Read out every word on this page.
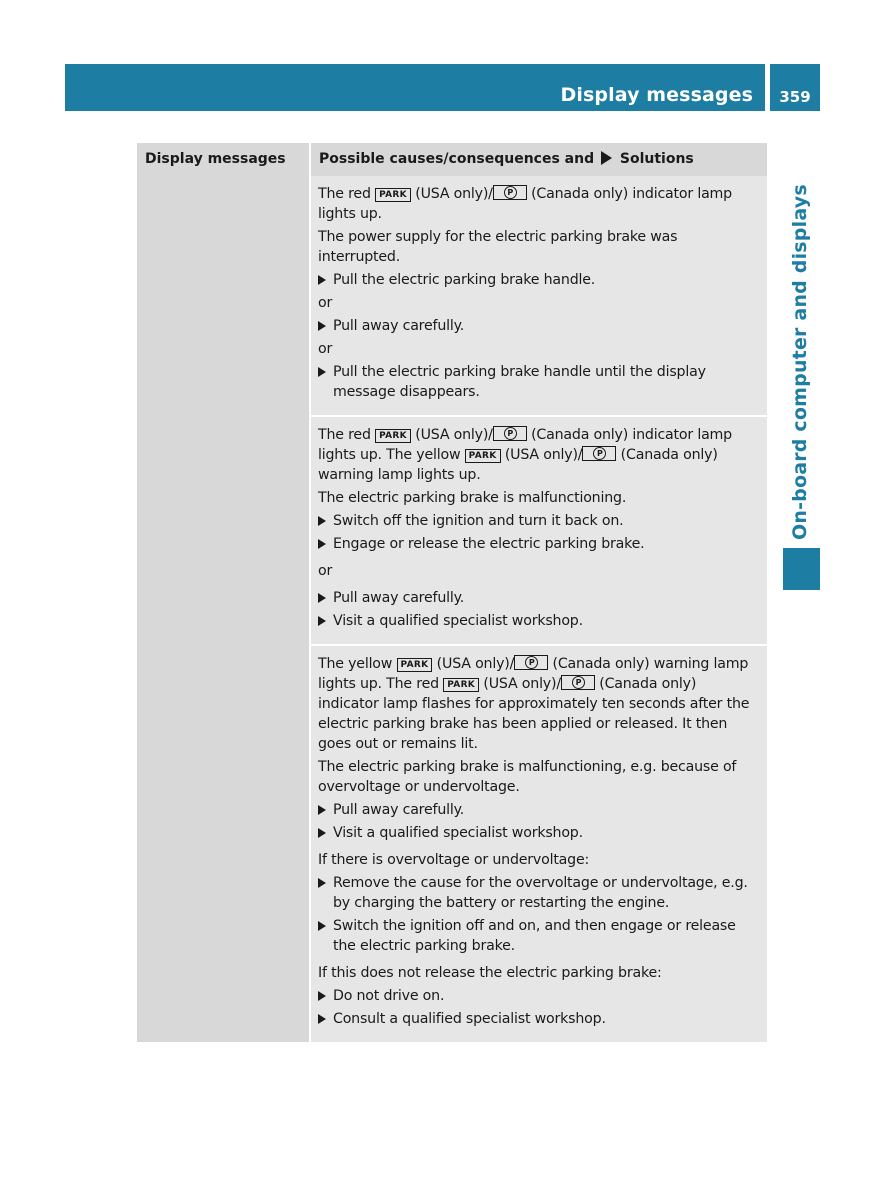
Display messages	359
On-board computer and displays
Display messages	Possible causes/consequences and Solutions

The red PARK (USA only)/ P	(Canada only) indicator lamp lights up.

The power supply for the electric parking brake was interrupted.

Pull the electric parking brake handle.
or
Pull away carefully.
or
Pull the electric parking brake handle until the display message disappears.

The red PARK (USA only)/ P	(Canada only) indicator lamp lights up. The yellow PARK (USA only)/ P	(Canada only) warning lamp lights up.

The electric parking brake is malfunctioning.

Switch off the ignition and turn it back on.
Engage or release the electric parking brake.
or
Pull away carefully.
Visit a qualified specialist workshop.

The yellow PARK (USA only)/ P	(Canada only) warning lamp lights up. The red PARK (USA only)/ P	(Canada only) indicator lamp flashes for approximately ten seconds after the electric parking brake has been applied or released. It then goes out or remains lit.

The electric parking brake is malfunctioning, e.g. because of overvoltage or undervoltage.

Pull away carefully.
Visit a qualified specialist workshop.

If there is overvoltage or undervoltage:

Remove the cause for the overvoltage or undervoltage, e.g. by charging the battery or restarting the engine.
Switch the ignition off and on, and then engage or release the electric parking brake.

If this does not release the electric parking brake:

Do not drive on.
Consult a qualified specialist workshop.
